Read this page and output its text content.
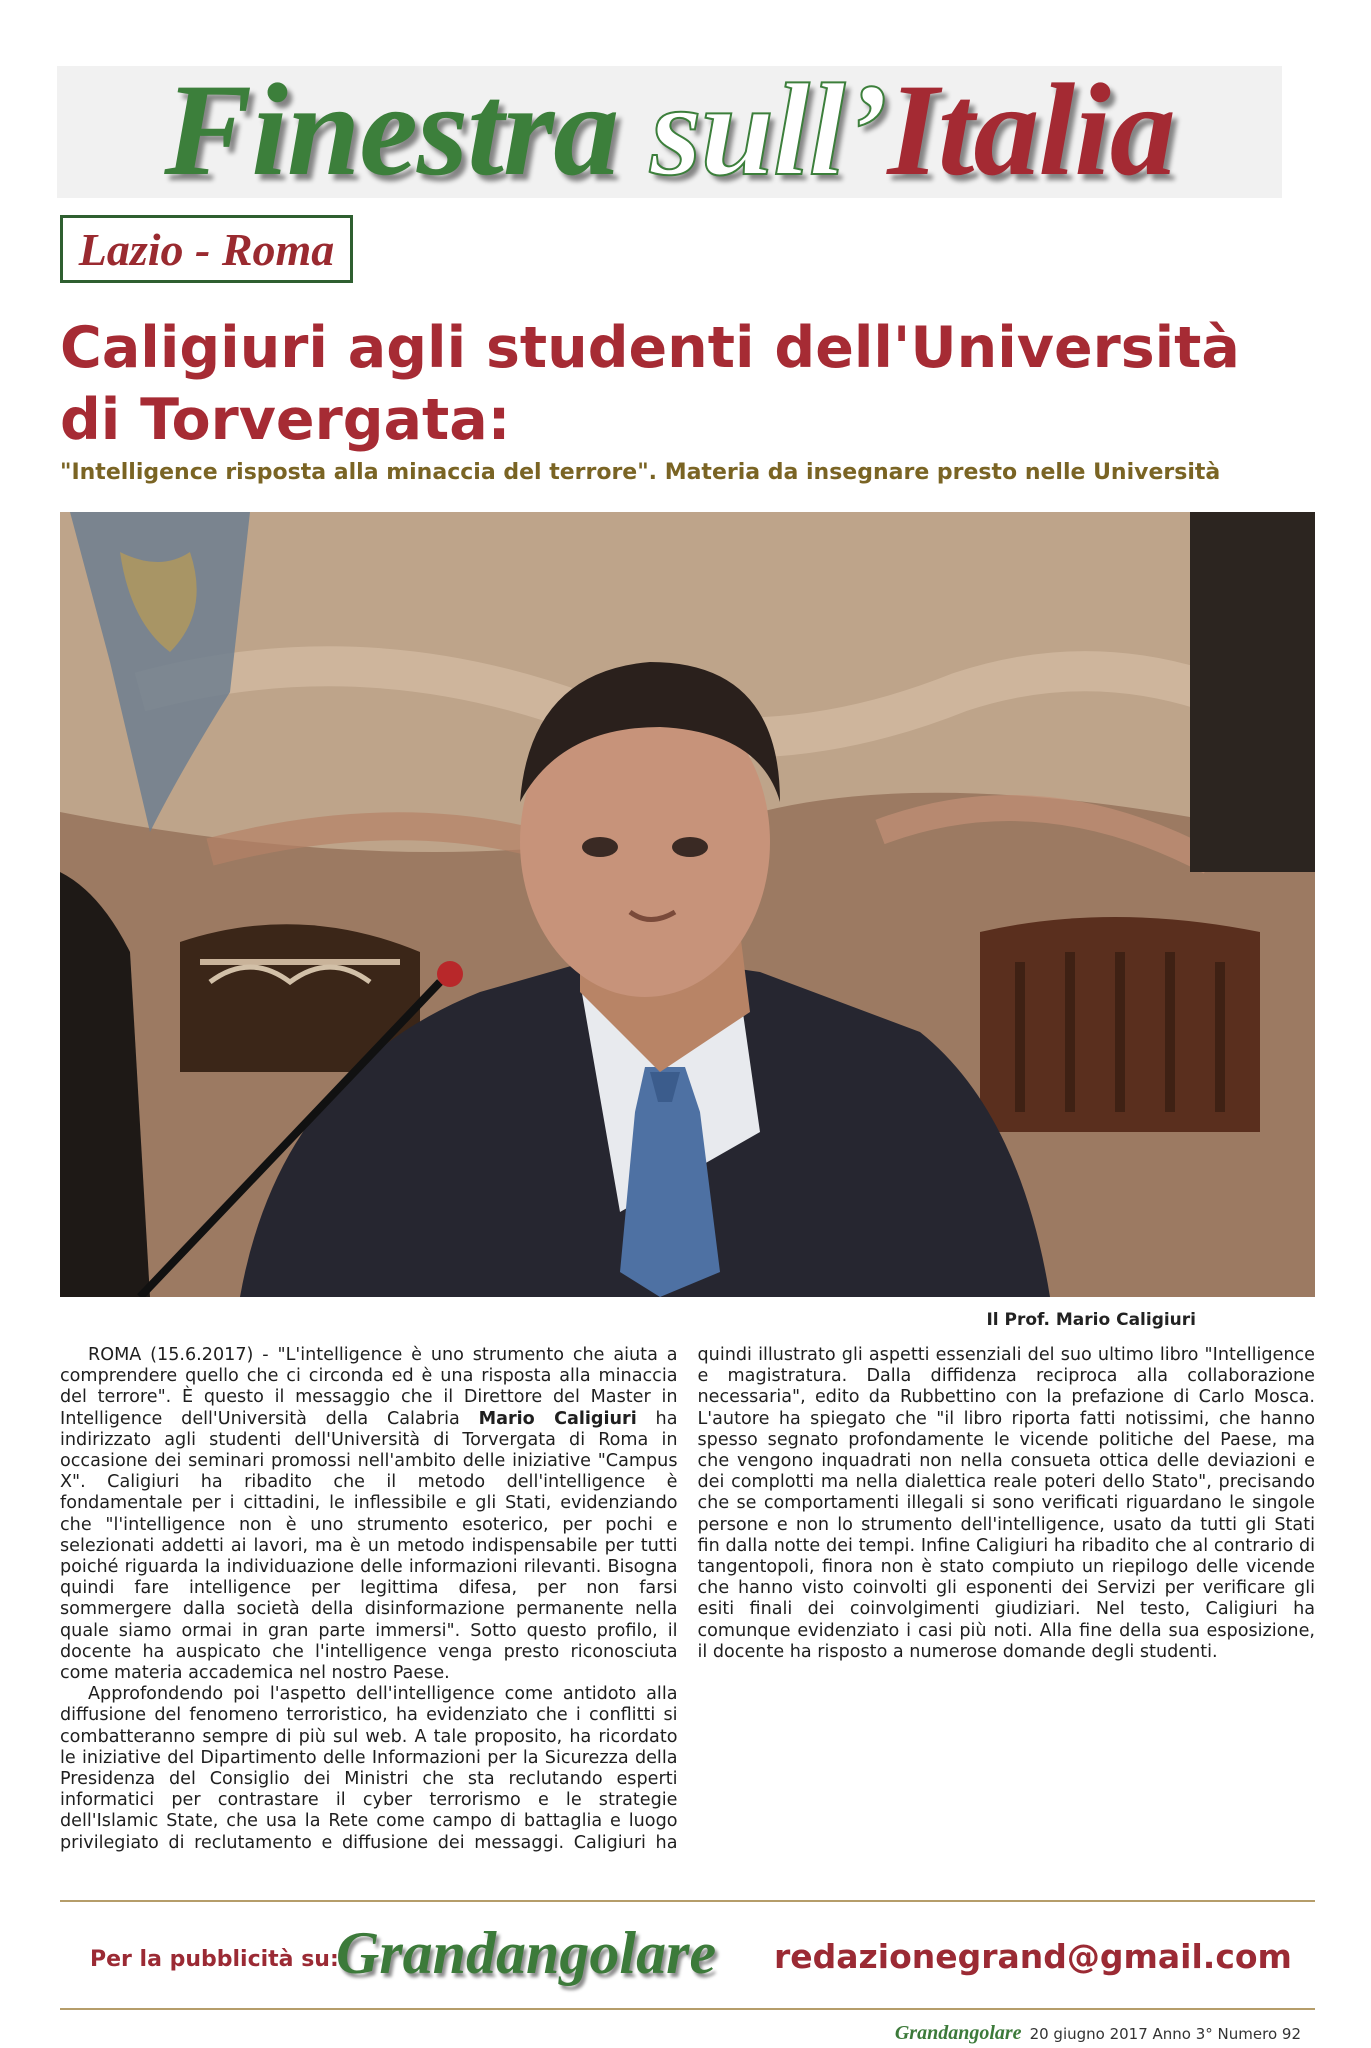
Finestra sull’Italia
Lazio - Roma
Caligiuri agli studenti dell'Università di Torvergata:

"Intelligence risposta alla minaccia del terrore". Materia da insegnare presto nelle Università

Il Prof. Mario Caligiuri

ROMA (15.6.2017) - "L'intelligence è uno strumento che aiuta a comprendere quello che ci circonda ed è una risposta alla minaccia del terrore". È questo il messaggio che il Direttore del Master in Intelligence dell'Università della Calabria Mario Caligiuri ha indirizzato agli studenti dell'Università di Torvergata di Roma in occasione dei seminari promossi nell'ambito delle iniziative "Campus X". Caligiuri ha ribadito che il metodo dell'intelligence è fondamentale per i cittadini, le inflessibile e gli Stati, evidenziando che "l'intelligence non è uno strumento esoterico, per pochi e selezionati addetti ai lavori, ma è un metodo indispensabile per tutti poiché riguarda la individuazione delle informazioni rilevanti. Bisogna quindi fare intelligence per legittima difesa, per non farsi sommergere dalla società della disinformazione permanente nella quale siamo ormai in gran parte immersi". Sotto questo profilo, il docente ha auspicato che l'intelligence venga presto riconosciuta come materia accademica nel nostro Paese.

Approfondendo poi l'aspetto dell'intelligence come antidoto alla diffusione del fenomeno terroristico, ha evidenziato che i conflitti si combatteranno sempre di più sul web. A tale proposito, ha ricordato le iniziative del Dipartimento delle Informazioni per la Sicurezza della Presidenza del Consiglio dei Ministri che sta reclutando esperti informatici per contrastare il cyber terrorismo e le strategie dell'Islamic State, che usa la Rete come campo di battaglia e luogo privilegiato di reclutamento e diffusione dei messaggi. Caligiuri ha quindi illustrato gli aspetti essenziali del suo ultimo libro "Intelligence e magistratura. Dalla diffidenza reciproca alla collaborazione necessaria", edito da Rubbettino con la prefazione di Carlo Mosca. L'autore ha spiegato che "il libro riporta fatti notissimi, che hanno spesso segnato profondamente le vicende politiche del Paese, ma che vengono inquadrati non nella consueta ottica delle deviazioni e dei complotti ma nella dialettica reale poteri dello Stato", precisando che se comportamenti illegali si sono verificati riguardano le singole persone e non lo strumento dell'intelligence, usato da tutti gli Stati fin dalla notte dei tempi. Infine Caligiuri ha ribadito che al contrario di tangentopoli, finora non è stato compiuto un riepilogo delle vicende che hanno visto coinvolti gli esponenti dei Servizi per verificare gli esiti finali dei coinvolgimenti giudiziari. Nel testo, Caligiuri ha comunque evidenziato i casi più noti. Alla fine della sua esposizione, il docente ha risposto a numerose domande degli studenti.

Per la pubblicità su:
Grandangolare redazionegrand@gmail.com
Grandangolare 20 giugno 2017 Anno 3° Numero 92
